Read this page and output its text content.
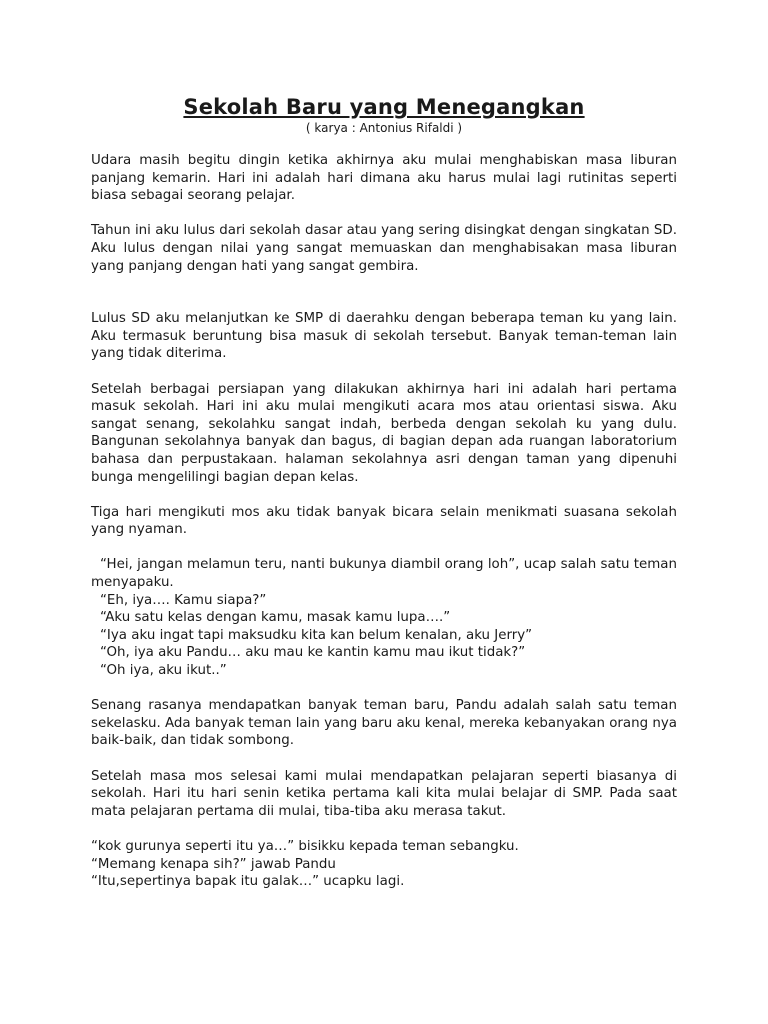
Sekolah Baru yang Menegangkan
( karya : Antonius Rifaldi )

Udara masih begitu dingin ketika akhirnya aku mulai menghabiskan masa liburan panjang kemarin. Hari ini adalah hari dimana aku harus mulai lagi rutinitas seperti biasa sebagai seorang pelajar.

Tahun ini aku lulus dari sekolah dasar atau yang sering disingkat dengan singkatan SD. Aku lulus dengan nilai yang sangat memuaskan dan menghabisakan masa liburan yang panjang dengan hati yang sangat gembira.

Lulus SD aku melanjutkan ke SMP di daerahku dengan beberapa teman ku yang lain. Aku termasuk beruntung bisa masuk di sekolah tersebut. Banyak teman-teman lain yang tidak diterima.

Setelah berbagai persiapan yang dilakukan akhirnya hari ini adalah hari pertama masuk sekolah. Hari ini aku mulai mengikuti acara mos atau orientasi siswa. Aku sangat senang, sekolahku sangat indah, berbeda dengan sekolah ku yang dulu. Bangunan sekolahnya banyak dan bagus, di bagian depan ada ruangan laboratorium bahasa dan perpustakaan. halaman sekolahnya asri dengan taman yang dipenuhi bunga mengelilingi bagian depan kelas.

Tiga hari mengikuti mos aku tidak banyak bicara selain menikmati suasana sekolah yang nyaman.

“Hei, jangan melamun teru, nanti bukunya diambil orang loh”, ucap salah satu teman menyapaku.
“Eh, iya…. Kamu siapa?”
“Aku satu kelas dengan kamu, masak kamu lupa….”
“Iya aku ingat tapi maksudku kita kan belum kenalan, aku Jerry”
“Oh, iya aku Pandu… aku mau ke kantin kamu mau ikut tidak?”
“Oh iya, aku ikut..”

Senang rasanya mendapatkan banyak teman baru, Pandu adalah salah satu teman sekelasku. Ada banyak teman lain yang baru aku kenal, mereka kebanyakan orang nya baik-baik, dan tidak sombong.

Setelah masa mos selesai kami mulai mendapatkan pelajaran seperti biasanya di sekolah. Hari itu hari senin ketika pertama kali kita mulai belajar di SMP. Pada saat mata pelajaran pertama dii mulai, tiba-tiba aku merasa takut.

“kok gurunya seperti itu ya…” bisikku kepada teman sebangku.
“Memang kenapa sih?” jawab Pandu
“Itu,sepertinya bapak itu galak…” ucapku lagi.
